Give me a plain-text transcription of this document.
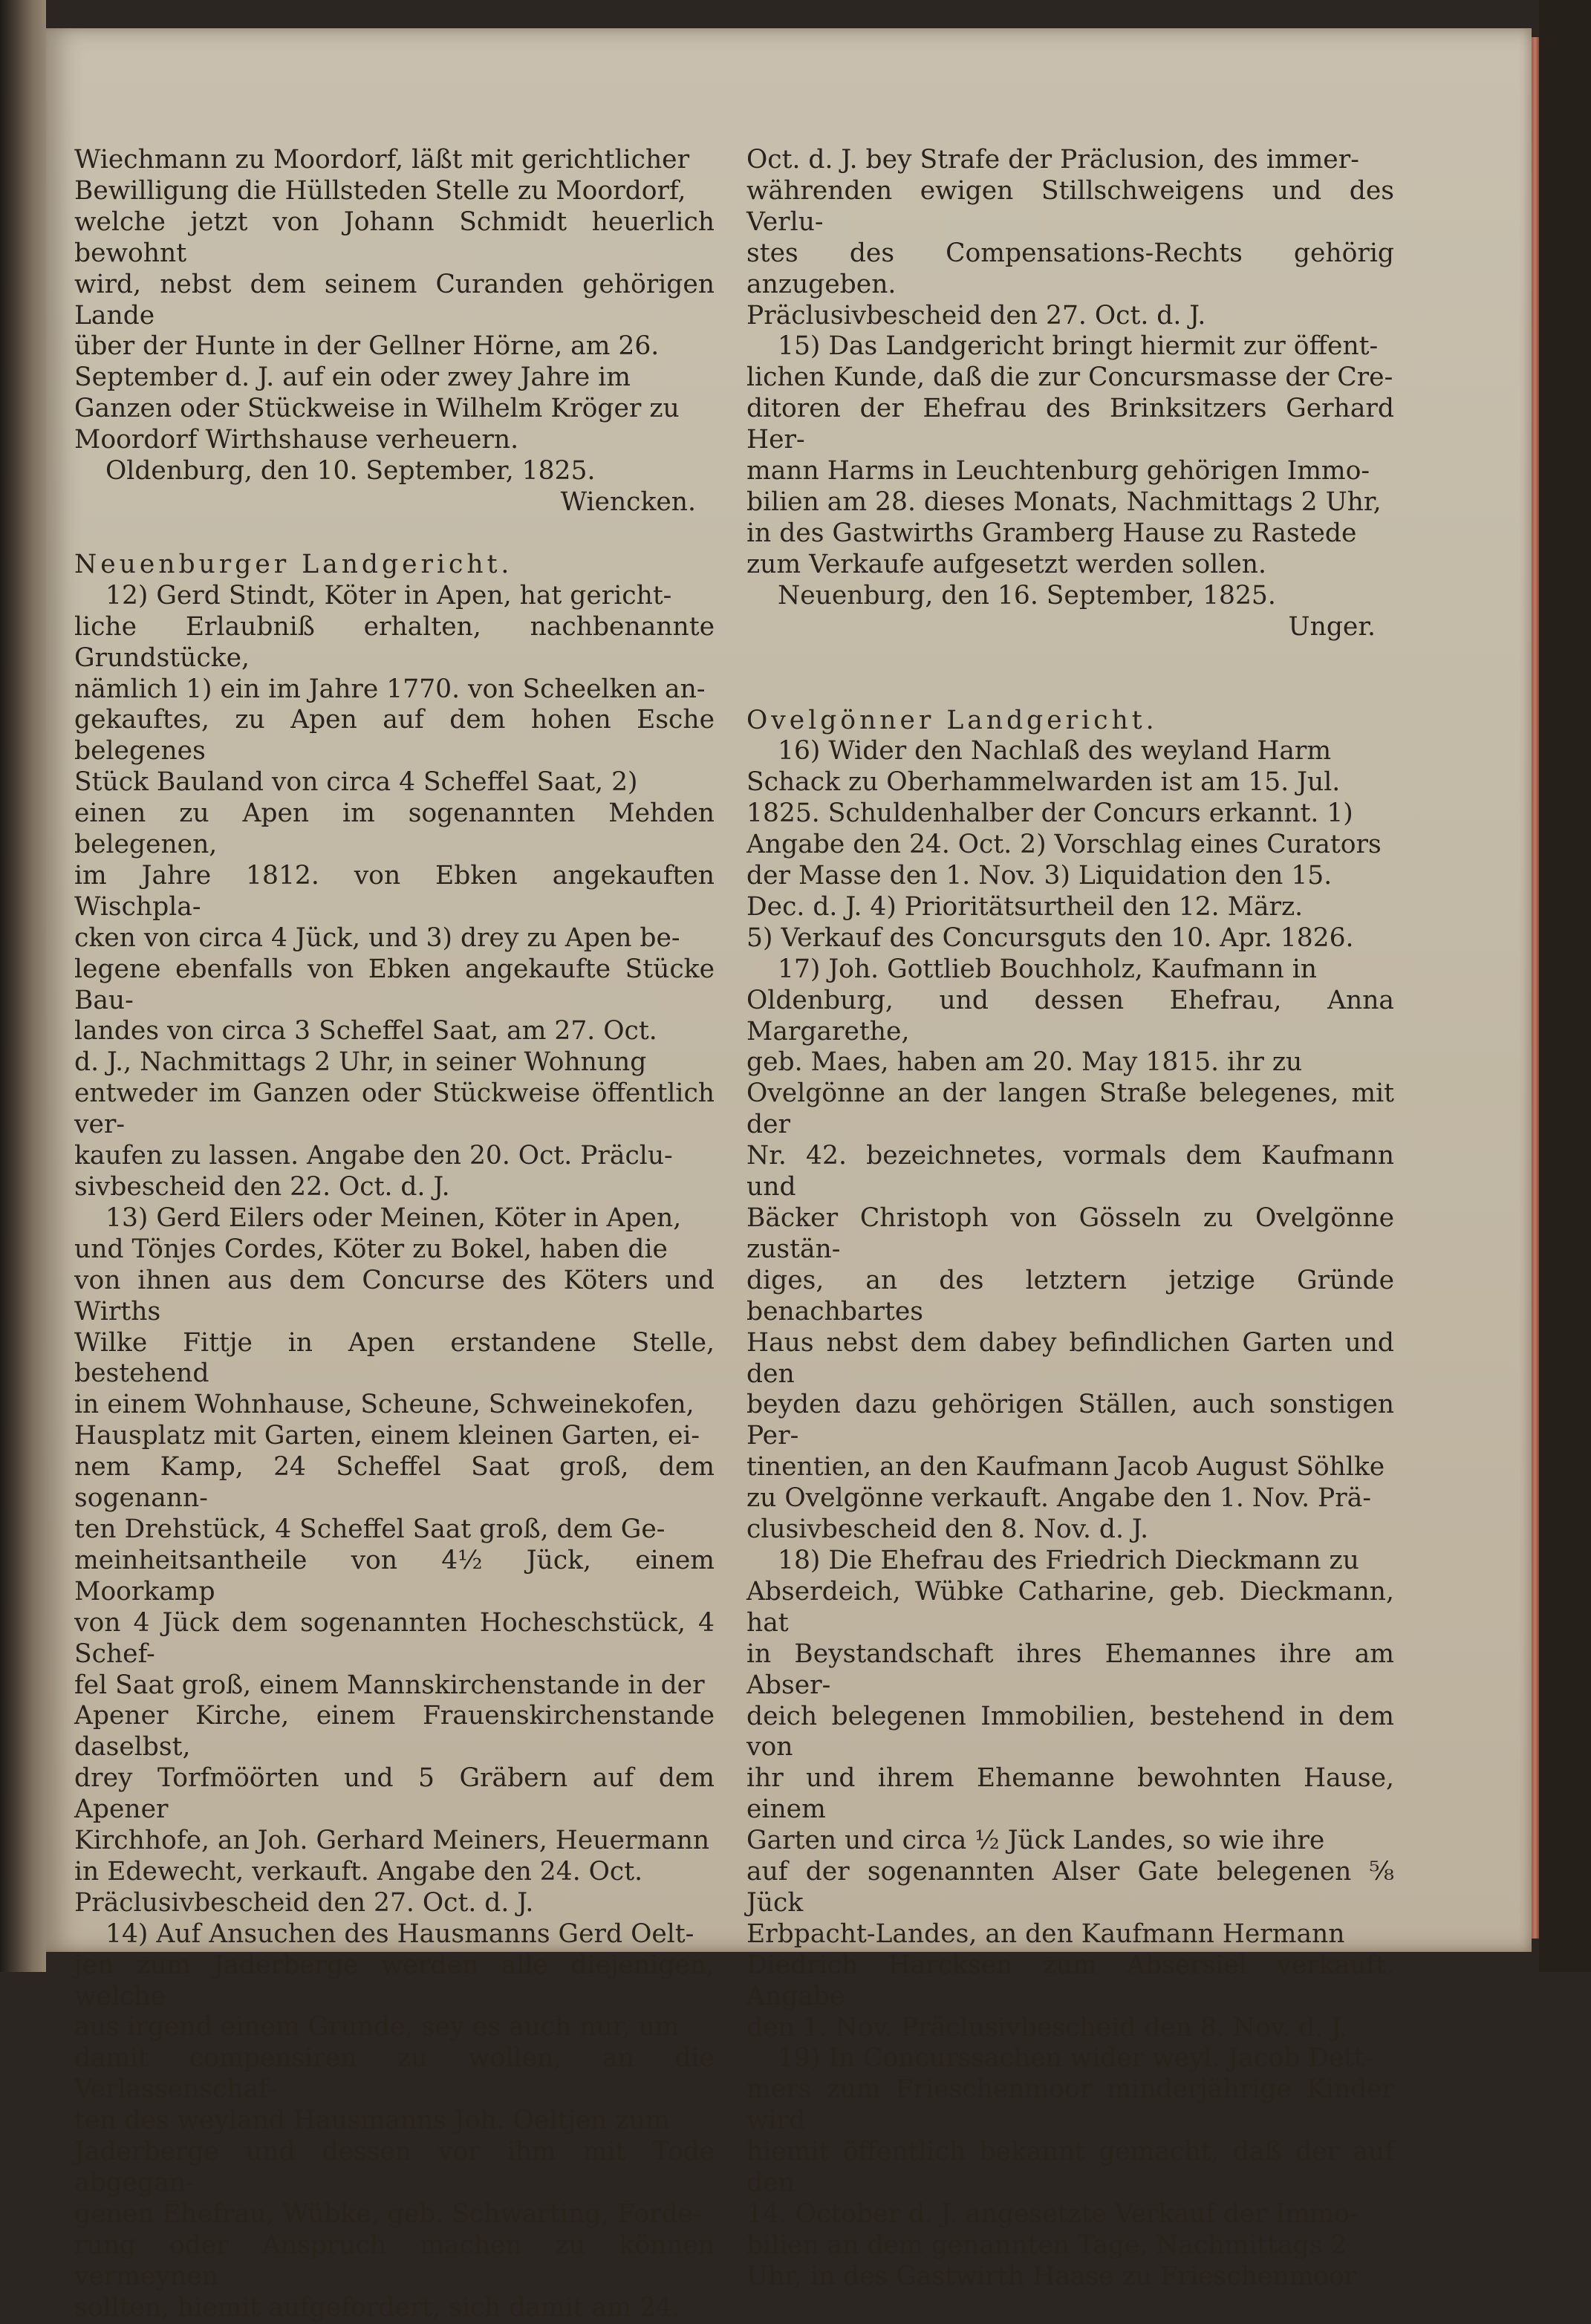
Wiechmann zu Moordorf, läßt mit gerichtlicher

Bewilligung die Hüllsteden Stelle zu Moordorf,

welche jetzt von Johann Schmidt heuerlich bewohnt

wird, nebst dem seinem Curanden gehörigen Lande

über der Hunte in der Gellner Hörne, am 26.

September d. J. auf ein oder zwey Jahre im

Ganzen oder Stückweise in Wilhelm Kröger zu

Moordorf Wirthshause verheuern.

Oldenburg, den 10. September, 1825.

Wiencken.

Neuenburger Landgericht.

12) Gerd Stindt, Köter in Apen, hat gericht-

liche Erlaubniß erhalten, nachbenannte Grundstücke,

nämlich 1) ein im Jahre 1770. von Scheelken an-

gekauftes, zu Apen auf dem hohen Esche belegenes

Stück Bauland von circa 4 Scheffel Saat, 2)

einen zu Apen im sogenannten Mehden belegenen,

im Jahre 1812. von Ebken angekauften Wischpla-

cken von circa 4 Jück, und 3) drey zu Apen be-

legene ebenfalls von Ebken angekaufte Stücke Bau-

landes von circa 3 Scheffel Saat, am 27. Oct.

d. J., Nachmittags 2 Uhr, in seiner Wohnung

entweder im Ganzen oder Stückweise öffentlich ver-

kaufen zu lassen. Angabe den 20. Oct. Präclu-

sivbescheid den 22. Oct. d. J.

13) Gerd Eilers oder Meinen, Köter in Apen,

und Tönjes Cordes, Köter zu Bokel, haben die

von ihnen aus dem Concurse des Köters und Wirths

Wilke Fittje in Apen erstandene Stelle, bestehend

in einem Wohnhause, Scheune, Schweinekofen,

Hausplatz mit Garten, einem kleinen Garten, ei-

nem Kamp, 24 Scheffel Saat groß, dem sogenann-

ten Drehstück, 4 Scheffel Saat groß, dem Ge-

meinheitsantheile von 4½ Jück, einem Moorkamp

von 4 Jück dem sogenannten Hocheschstück, 4 Schef-

fel Saat groß, einem Mannskirchenstande in der

Apener Kirche, einem Frauenskirchenstande daselbst,

drey Torfmöörten und 5 Gräbern auf dem Apener

Kirchhofe, an Joh. Gerhard Meiners, Heuermann

in Edewecht, verkauft. Angabe den 24. Oct.

Präclusivbescheid den 27. Oct. d. J.

14) Auf Ansuchen des Hausmanns Gerd Oelt-

jen zum Jaderberge werden alle diejenigen, welche

aus irgend einem Grunde, sey es auch nur, um

damit compensiren zu wollen, an die Verlassenschaf-

ten des weyland Hausmanns Joh. Oeltjen zum

Jaderberge und dessen vor ihm mit Tode abgegan-

genen Ehefrau, Wübke, geb. Schwarting, Forde-

rung oder Anspruch machen zu können vermeynen

sollten, hiemit aufgefordert, sich damit am 24.

Oct. d. J. bey Strafe der Präclusion, des immer-

währenden ewigen Stillschweigens und des Verlu-

stes des Compensations-Rechts gehörig anzugeben.

Präclusivbescheid den 27. Oct. d. J.

15) Das Landgericht bringt hiermit zur öffent-

lichen Kunde, daß die zur Concursmasse der Cre-

ditoren der Ehefrau des Brinksitzers Gerhard Her-

mann Harms in Leuchtenburg gehörigen Immo-

bilien am 28. dieses Monats, Nachmittags 2 Uhr,

in des Gastwirths Gramberg Hause zu Rastede

zum Verkaufe aufgesetzt werden sollen.

Neuenburg, den 16. September, 1825.

Unger.

Ovelgönner Landgericht.

16) Wider den Nachlaß des weyland Harm

Schack zu Oberhammelwarden ist am 15. Jul.

1825. Schuldenhalber der Concurs erkannt. 1)

Angabe den 24. Oct. 2) Vorschlag eines Curators

der Masse den 1. Nov. 3) Liquidation den 15.

Dec. d. J. 4) Prioritätsurtheil den 12. März.

5) Verkauf des Concursguts den 10. Apr. 1826.

17) Joh. Gottlieb Bouchholz, Kaufmann in

Oldenburg, und dessen Ehefrau, Anna Margarethe,

geb. Maes, haben am 20. May 1815. ihr zu

Ovelgönne an der langen Straße belegenes, mit der

Nr. 42. bezeichnetes, vormals dem Kaufmann und

Bäcker Christoph von Gösseln zu Ovelgönne zustän-

diges, an des letztern jetzige Gründe benachbartes

Haus nebst dem dabey befindlichen Garten und den

beyden dazu gehörigen Ställen, auch sonstigen Per-

tinentien, an den Kaufmann Jacob August Söhlke

zu Ovelgönne verkauft. Angabe den 1. Nov. Prä-

clusivbescheid den 8. Nov. d. J.

18) Die Ehefrau des Friedrich Dieckmann zu

Abserdeich, Wübke Catharine, geb. Dieckmann, hat

in Beystandschaft ihres Ehemannes ihre am Abser-

deich belegenen Immobilien, bestehend in dem von

ihr und ihrem Ehemanne bewohnten Hause, einem

Garten und circa ½ Jück Landes, so wie ihre

auf der sogenannten Alser Gate belegenen ⅝ Jück

Erbpacht-Landes, an den Kaufmann Hermann

Diedrich Harcksen zum Absersiel verkauft. Angabe

den 1. Nov. Präclusivbescheid den 8. Nov. d. J.

19) In Concurssachen wider weyl. Jacob Dett-

mers zum Frieschenmoor minderjährige Kinder wird

hiemit öffentlich bekannt gemacht, daß der auf den

14. October d. J. angesetzte Verkauf der Immo-

bilien an dem genannten Tage, Nachmittags 2

Uhr, in des Gastwirth Haase zu Frieschenmoor
